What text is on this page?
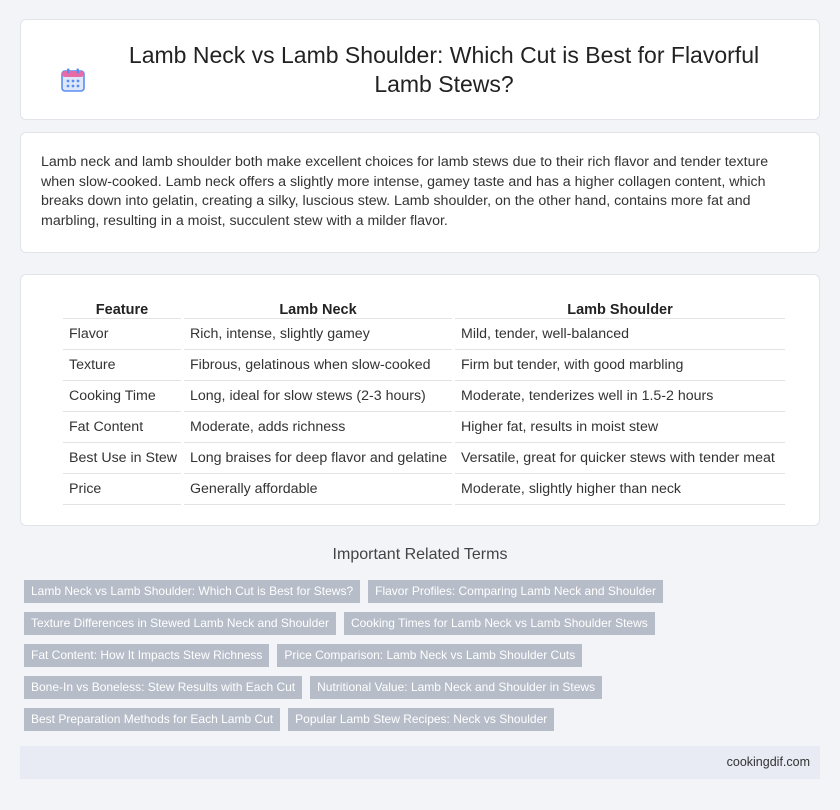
Lamb Neck vs Lamb Shoulder: Which Cut is Best for Flavorful Lamb Stews?

Lamb neck and lamb shoulder both make excellent choices for lamb stews due to their rich flavor and tender texture when slow-cooked. Lamb neck offers a slightly more intense, gamey taste and has a higher collagen content, which breaks down into gelatin, creating a silky, luscious stew. Lamb shoulder, on the other hand, contains more fat and marbling, resulting in a moist, succulent stew with a milder flavor.

Feature	Lamb Neck	Lamb Shoulder
Flavor	Rich, intense, slightly gamey	Mild, tender, well-balanced
Texture	Fibrous, gelatinous when slow-cooked	Firm but tender, with good marbling
Cooking Time	Long, ideal for slow stews (2-3 hours)	Moderate, tenderizes well in 1.5-2 hours
Fat Content	Moderate, adds richness	Higher fat, results in moist stew
Best Use in Stew	Long braises for deep flavor and gelatine	Versatile, great for quicker stews with tender meat
Price	Generally affordable	Moderate, slightly higher than neck
Important Related Terms
Lamb Neck vs Lamb Shoulder: Which Cut is Best for Stews?	Flavor Profiles: Comparing Lamb Neck and Shoulder
Texture Differences in Stewed Lamb Neck and Shoulder	Cooking Times for Lamb Neck vs Lamb Shoulder Stews
Fat Content: How It Impacts Stew Richness	Price Comparison: Lamb Neck vs Lamb Shoulder Cuts
Bone-In vs Boneless: Stew Results with Each Cut	Nutritional Value: Lamb Neck and Shoulder in Stews
Best Preparation Methods for Each Lamb Cut	Popular Lamb Stew Recipes: Neck vs Shoulder
cookingdif.com
